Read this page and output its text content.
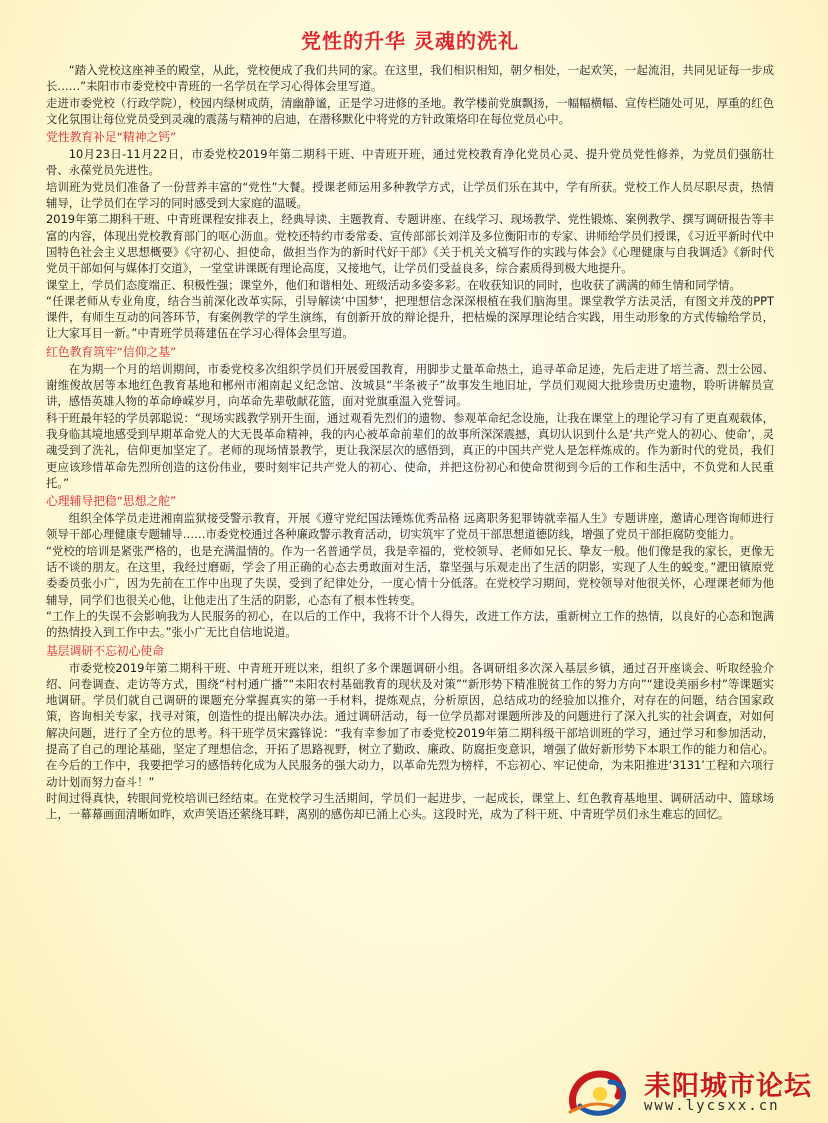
党性的升华 灵魂的洗礼

“踏入党校这座神圣的殿堂，从此，党校便成了我们共同的家。在这里，我们相识相知，朝夕相处，一起欢笑，一起流泪，共同见证每一步成长……”耒阳市市委党校中青班的一名学员在学习心得体会里写道。

走进市委党校（行政学院），校园内绿树成荫，清幽静谧，正是学习进修的圣地。教学楼前党旗飘扬，一幅幅横幅、宣传栏随处可见，厚重的红色文化氛围让每位党员受到灵魂的震荡与精神的启迪，在潜移默化中将党的方针政策烙印在每位党员心中。

党性教育补足“精神之钙”

10月23日-11月22日，市委党校2019年第二期科干班、中青班开班，通过党校教育净化党员心灵、提升党员党性修养，为党员们强筋壮骨、永葆党员先进性。

培训班为党员们准备了一份营养丰富的“党性”大餐。授课老师运用多种教学方式，让学员们乐在其中，学有所获。党校工作人员尽职尽责，热情辅导，让学员们在学习的同时感受到大家庭的温暖。

2019年第二期科干班、中青班课程安排表上，经典导读、主题教育、专题讲座、在线学习、现场教学、党性锻炼、案例教学、撰写调研报告等丰富的内容，体现出党校教育部门的呕心沥血。党校还特约市委常委、宣传部部长刘洋及多位衡阳市的专家、讲师给学员们授课，《习近平新时代中国特色社会主义思想概要》《守初心、担使命，做担当作为的新时代好干部》《关于机关文稿写作的实践与体会》《心理健康与自我调适》《新时代党员干部如何与媒体打交道》，一堂堂讲课既有理论高度，又接地气，让学员们受益良多，综合素质得到极大地提升。

课堂上，学员们态度端正、积极性强；课堂外，他们和谐相处、班级活动多姿多彩。在收获知识的同时，也收获了满满的师生情和同学情。

“任课老师从专业角度，结合当前深化改革实际，引导解读‘中国梦’，把理想信念深深根植在我们脑海里。课堂教学方法灵活，有图文并茂的PPT课件，有师生互动的问答环节，有案例教学的学生演练，有创新开放的辩论提升，把枯燥的深厚理论结合实践，用生动形象的方式传输给学员，让大家耳目一新。”中青班学员蒋建伍在学习心得体会里写道。

红色教育筑牢“信仰之基”

在为期一个月的培训期间，市委党校多次组织学员们开展爱国教育，用脚步丈量革命热土，追寻革命足迹，先后走进了培兰斋、烈士公园、谢维俊故居等本地红色教育基地和郴州市湘南起义纪念馆、汝城县“半条被子”故事发生地旧址，学员们观阅大批珍贵历史遗物，聆听讲解员宣讲，感悟英雄人物的革命峥嵘岁月，向革命先辈敬献花篮，面对党旗重温入党誓词。

科干班最年轻的学员郭聪说：“现场实践教学别开生面，通过观看先烈们的遗物、参观革命纪念设施，让我在课堂上的理论学习有了更直观载体，我身临其境地感受到早期革命党人的大无畏革命精神，我的内心被革命前辈们的故事所深深震撼，真切认识到什么是‘共产党人的初心、使命’，灵魂受到了洗礼，信仰更加坚定了。老师的现场情景教学，更让我深层次的感悟到，真正的中国共产党人是怎样炼成的。作为新时代的党员，我们更应该珍惜革命先烈所创造的这份伟业，要时刻牢记共产党人的初心、使命，并把这份初心和使命贯彻到今后的工作和生活中，不负党和人民重托。”

心理辅导把稳“思想之舵”

组织全体学员走进湘南监狱接受警示教育，开展《遵守党纪国法锤炼优秀品格 远离职务犯罪铸就幸福人生》专题讲座，邀请心理咨询师进行领导干部心理健康专题辅导……市委党校通过各种廉政警示教育活动，切实筑牢了党员干部思想道德防线，增强了党员干部拒腐防变能力。

“党校的培训是紧张严格的，也是充满温情的。作为一名普通学员，我是幸福的，党校领导、老师如兄长、挚友一般。他们像是我的家长，更像无话不谈的朋友。在这里，我经过磨砺，学会了用正确的心态去勇敢面对生活，靠坚强与乐观走出了生活的阴影，实现了人生的蜕变。”淝田镇原党委委员张小广，因为先前在工作中出现了失误，受到了纪律处分，一度心情十分低落。在党校学习期间，党校领导对他很关怀，心理课老师为他辅导，同学们也很关心他，让他走出了生活的阴影，心态有了根本性转变。

“工作上的失误不会影响我为人民服务的初心，在以后的工作中，我将不计个人得失，改进工作方法，重新树立工作的热情，以良好的心态和饱满的热情投入到工作中去。”张小广无比自信地说道。

基层调研不忘初心使命

市委党校2019年第二期科干班、中青班开班以来，组织了多个课题调研小组。各调研组多次深入基层乡镇，通过召开座谈会、听取经验介绍、问卷调查、走访等方式，围绕“村村通广播”“耒阳农村基础教育的现状及对策”“新形势下精准脱贫工作的努力方向”“建设美丽乡村”等课题实地调研。学员们就自己调研的课题充分掌握真实的第一手材料，提炼观点，分析原因，总结成功的经验加以推介，对存在的问题，结合国家政策，咨询相关专家，找寻对策，创造性的提出解决办法。通过调研活动，每一位学员都对课题所涉及的问题进行了深入扎实的社会调查，对如何解决问题，进行了全方位的思考。科干班学员宋露锋说：“我有幸参加了市委党校2019年第二期科级干部培训班的学习，通过学习和参加活动，提高了自己的理论基础，坚定了理想信念，开拓了思路视野，树立了勤政、廉政、防腐拒变意识，增强了做好新形势下本职工作的能力和信心。在今后的工作中，我要把学习的感悟转化成为人民服务的强大动力，以革命先烈为榜样，不忘初心、牢记使命，为耒阳推进‘3131’工程和六项行动计划而努力奋斗！”

时间过得真快，转眼间党校培训已经结束。在党校学习生活期间，学员们一起进步，一起成长，课堂上、红色教育基地里、调研活动中、篮球场上，一幕幕画面清晰如昨，欢声笑语还萦绕耳畔，离别的感伤却已涌上心头。这段时光，成为了科干班、中青班学员们永生难忘的回忆。

耒阳城市论坛
www.lycsxx.cn
